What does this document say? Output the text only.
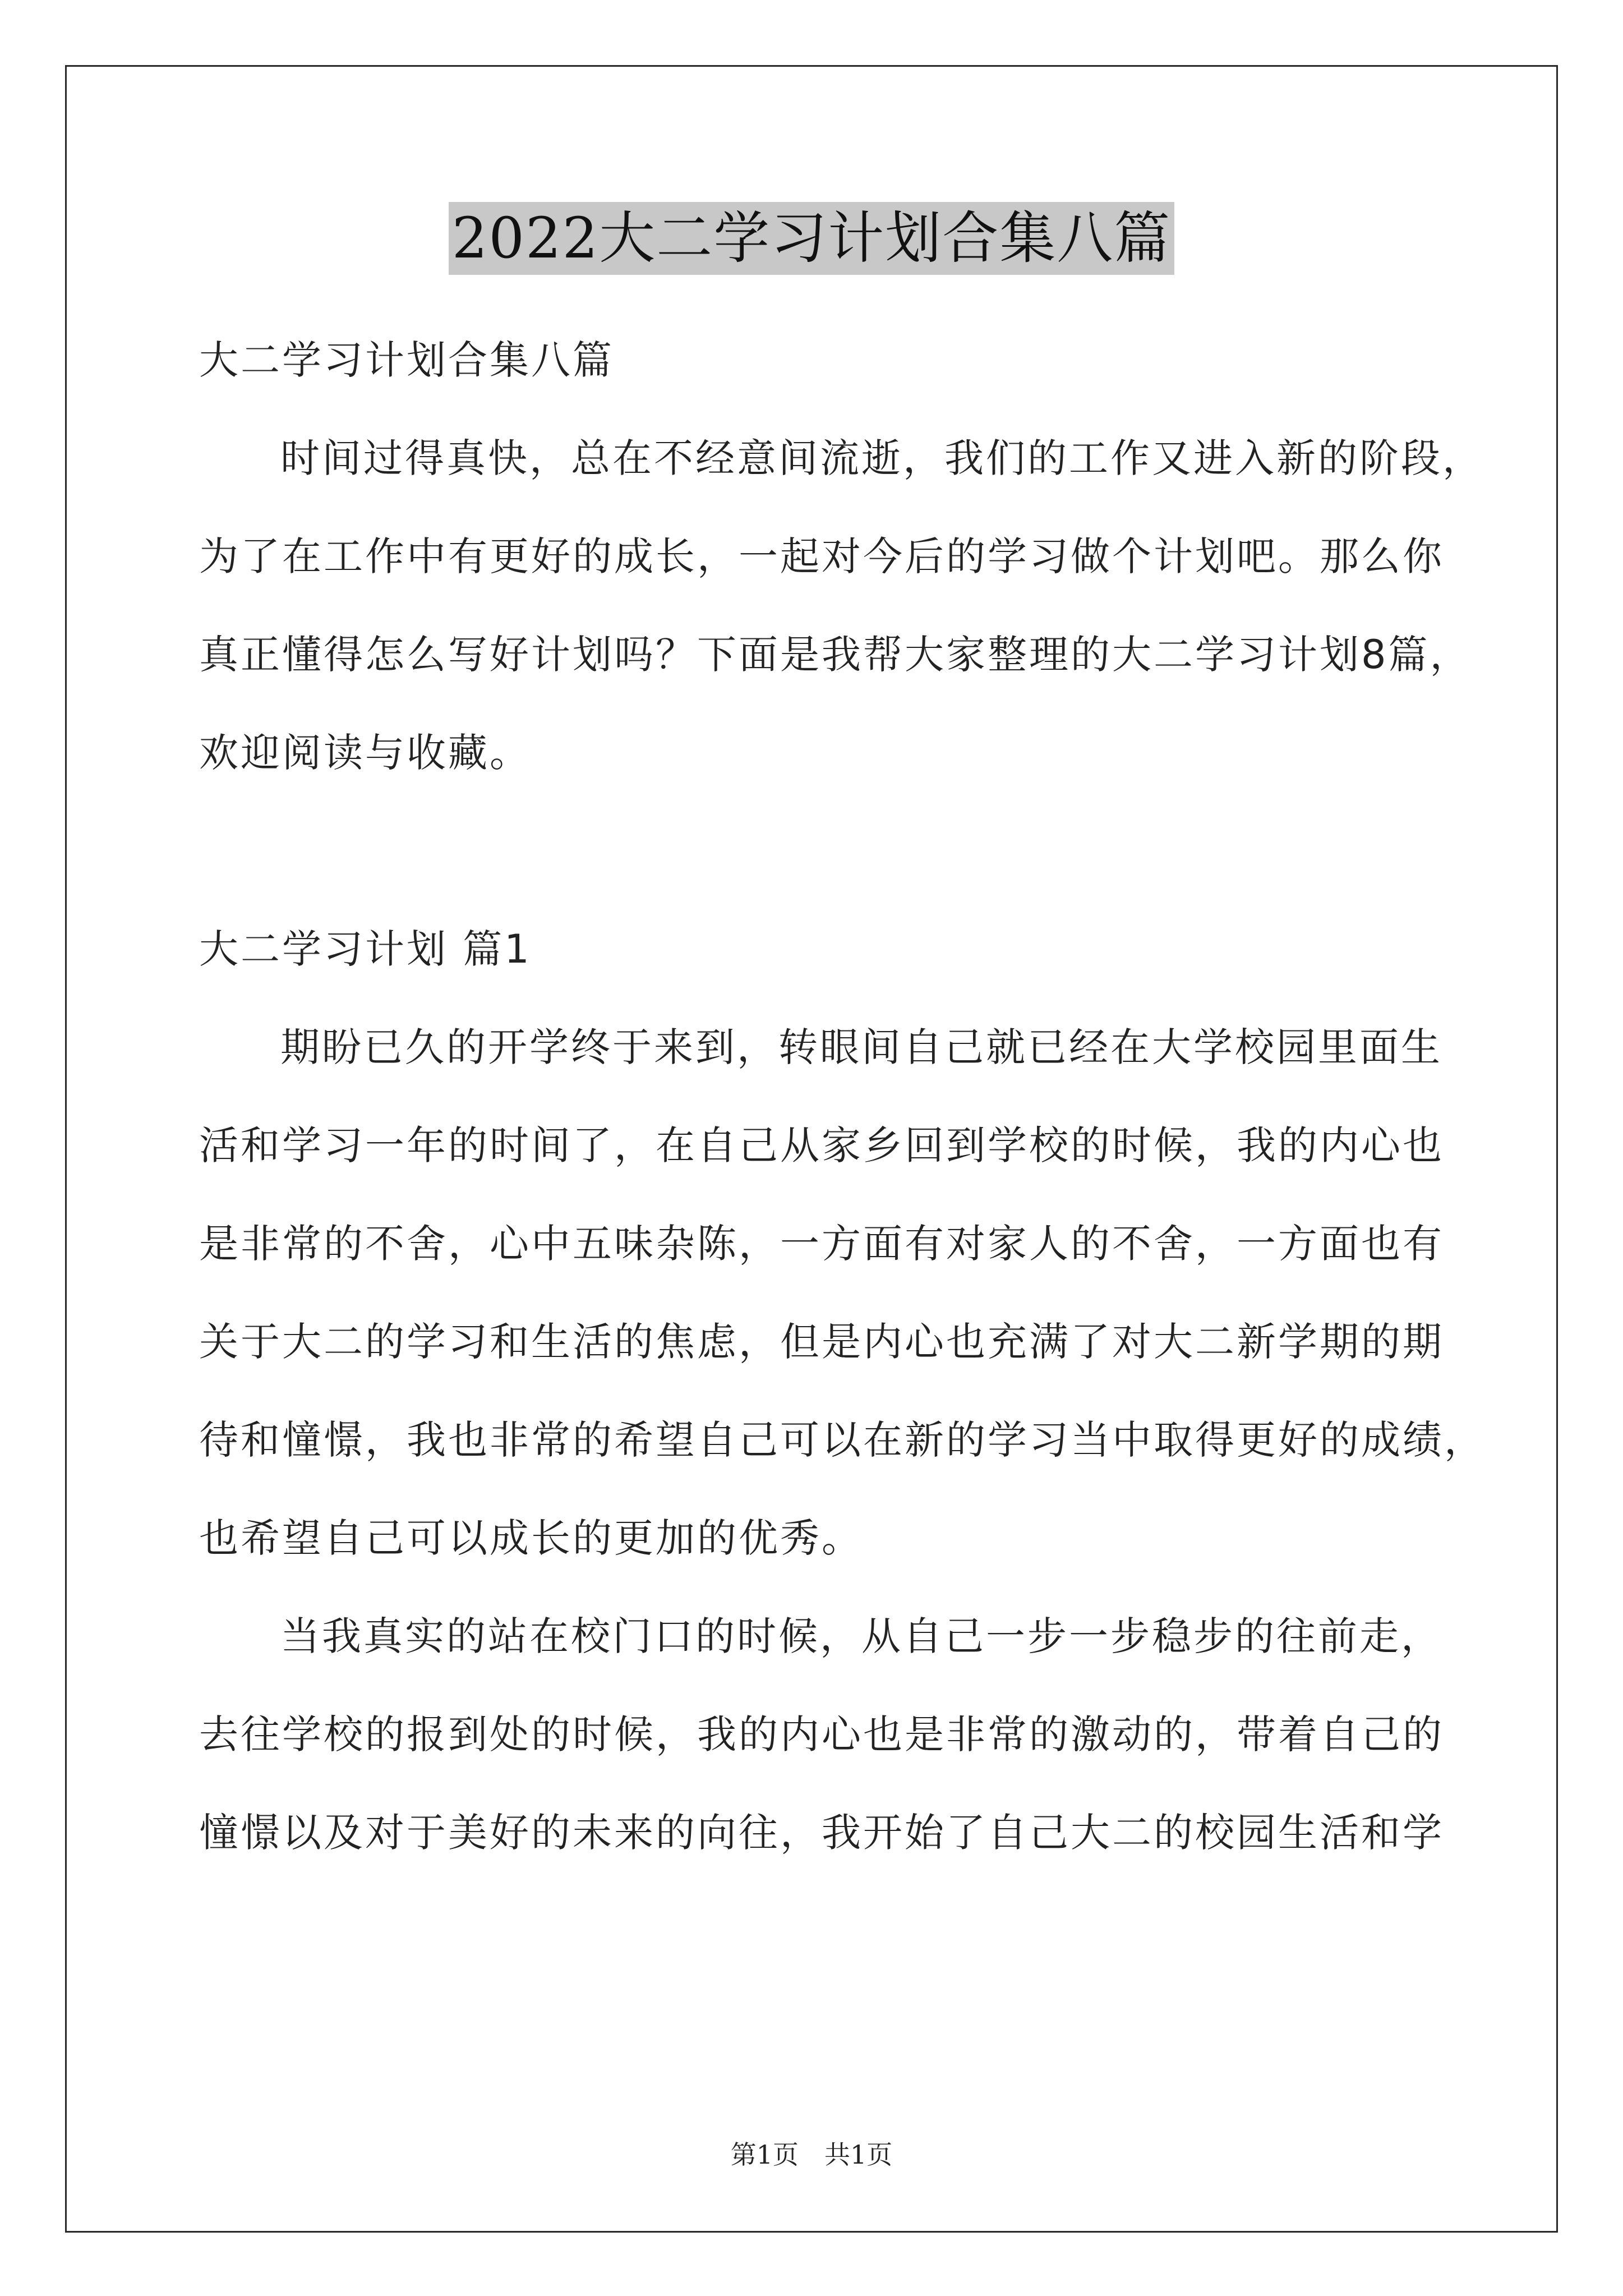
2022大二学习计划合集八篇
大二学习计划合集八篇
时间过得真快，总在不经意间流逝，我们的工作又进入新的阶段，
为了在工作中有更好的成长，一起对今后的学习做个计划吧。那么你
真正懂得怎么写好计划吗？下面是我帮大家整理的大二学习计划8篇，
欢迎阅读与收藏。
大二学习计划 篇1
期盼已久的开学终于来到，转眼间自己就已经在大学校园里面生
活和学习一年的时间了，在自己从家乡回到学校的时候，我的内心也
是非常的不舍，心中五味杂陈，一方面有对家人的不舍，一方面也有
关于大二的学习和生活的焦虑，但是内心也充满了对大二新学期的期
待和憧憬，我也非常的希望自己可以在新的学习当中取得更好的成绩，
也希望自己可以成长的更加的优秀。
当我真实的站在校门口的时候，从自己一步一步稳步的往前走，
去往学校的报到处的时候，我的内心也是非常的激动的，带着自己的
憧憬以及对于美好的未来的向往，我开始了自己大二的校园生活和学
第1页 共1页
